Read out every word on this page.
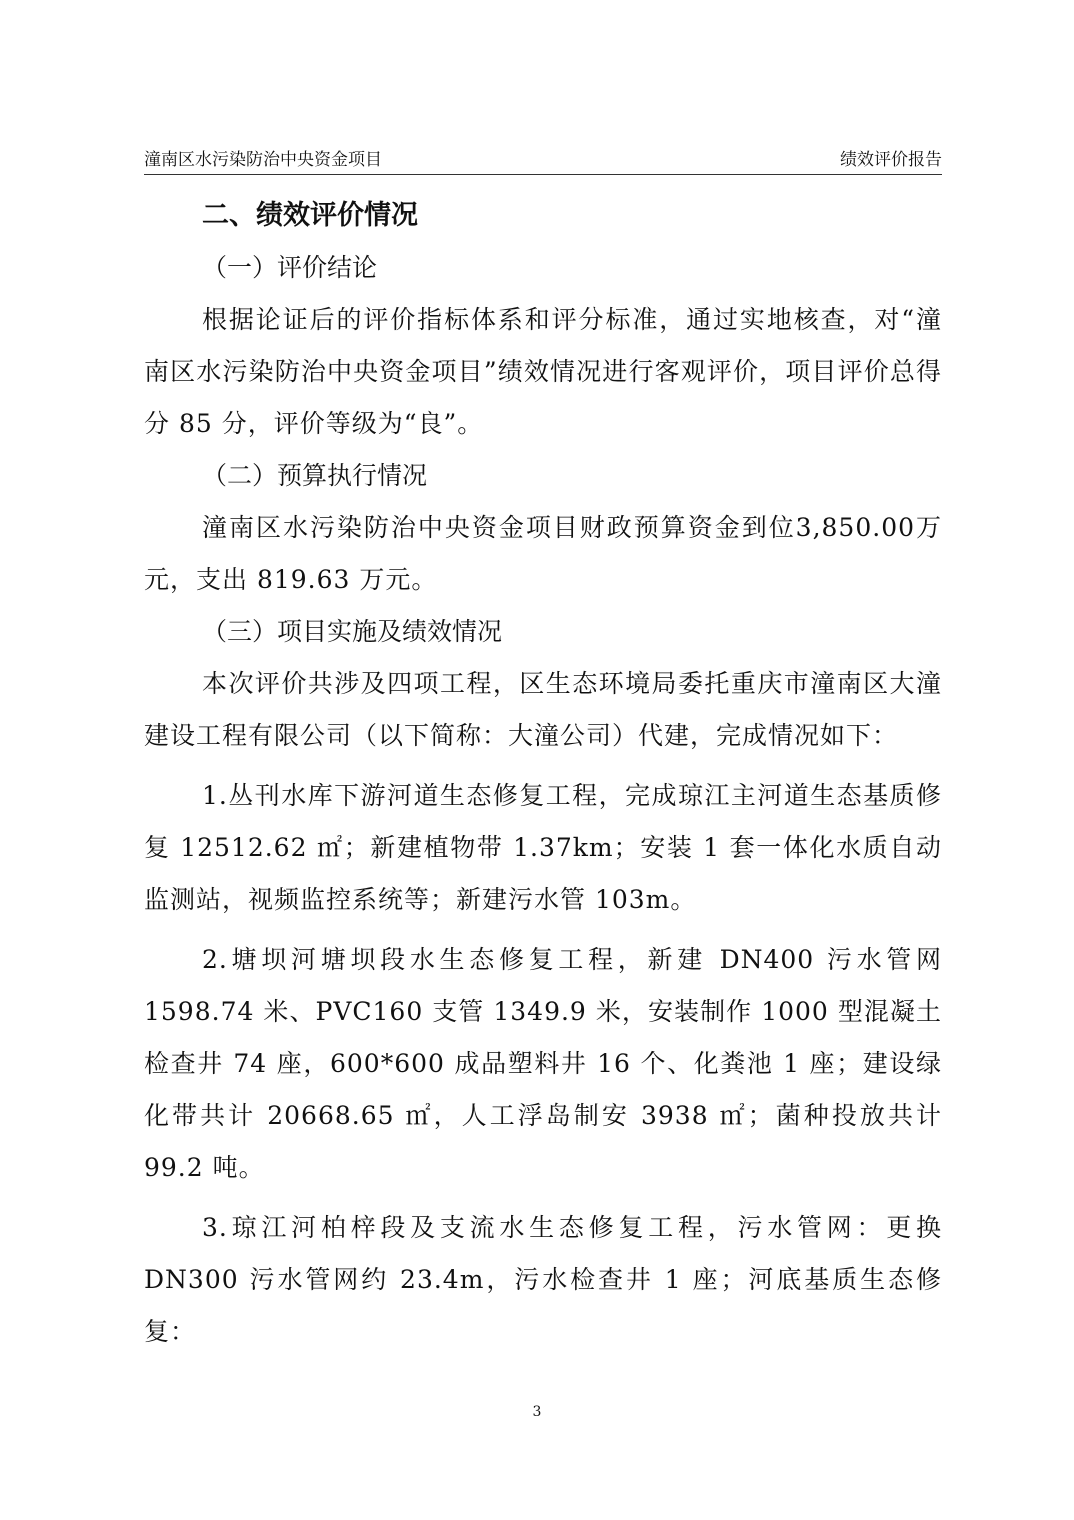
潼南区水污染防治中央资金项目	绩效评价报告
二、绩效评价情况
（一）评价结论

根据论证后的评价指标体系和评分标准，通过实地核查，对“潼南区水污染防治中央资金项目”绩效情况进行客观评价，项目评价总得分 85 分，评价等级为“良”。

（二）预算执行情况

潼南区水污染防治中央资金项目财政预算资金到位3,850.00万元，支出 819.63 万元。

（三）项目实施及绩效情况

本次评价共涉及四项工程，区生态环境局委托重庆市潼南区大潼建设工程有限公司（以下简称：大潼公司）代建，完成情况如下：

1.丛刊水库下游河道生态修复工程，完成琼江主河道生态基质修复 12512.62 ㎡；新建植物带 1.37km；安装 1 套一体化水质自动监测站，视频监控系统等；新建污水管 103m。

2.塘坝河塘坝段水生态修复工程，新建 DN400 污水管网 1598.74 米、PVC160 支管 1349.9 米，安装制作 1000 型混凝土检查井 74 座，600*600 成品塑料井 16 个、化粪池 1 座；建设绿化带共计 20668.65 ㎡，人工浮岛制安 3938 ㎡；菌种投放共计 99.2 吨。

3.琼江河柏梓段及支流水生态修复工程，污水管网：更换 DN300 污水管网约 23.4m，污水检查井 1 座；河底基质生态修复：

3
